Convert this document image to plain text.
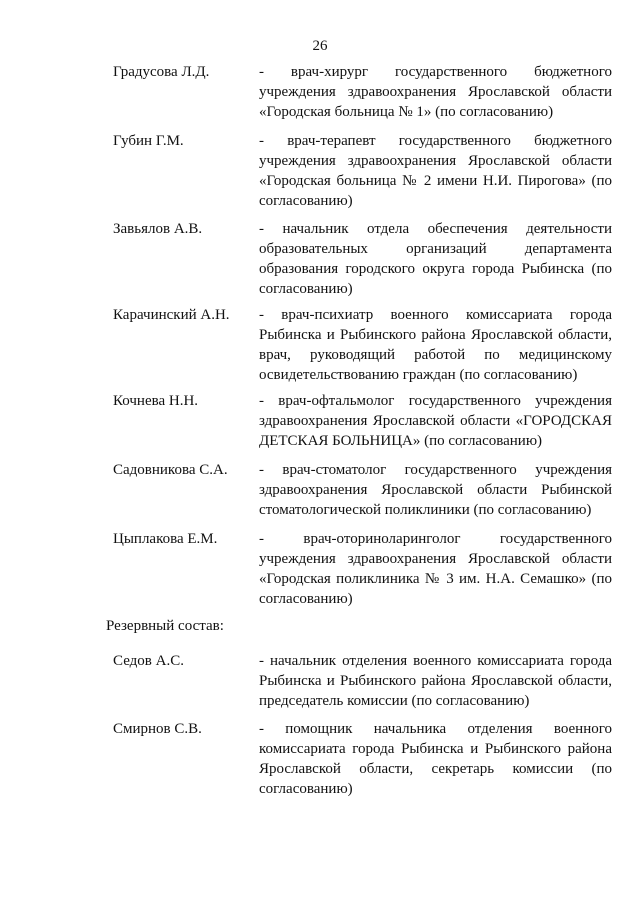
26
Градусова Л.Д.	- врач-хирург государственного бюджетного учреждения здравоохранения Ярославской области «Городская больница № 1» (по согласованию)
Губин Г.М.	- врач-терапевт государственного бюджетного учреждения здравоохранения Ярославской области «Городская больница № 2 имени Н.И. Пирогова» (по согласованию)
Завьялов А.В.	- начальник отдела обеспечения деятельности образовательных организаций департамента образования городского округа города Рыбинска (по согласованию)
Карачинский А.Н. - врач-психиатр военного комиссариата города Рыбинска и Рыбинского района Ярославской области, врач, руководящий работой по медицинскому освидетельствованию граждан (по согласованию)
Кочнева Н.Н.	- врач-офтальмолог государственного учреждения здравоохранения Ярославской области «ГОРОДСКАЯ ДЕТСКАЯ БОЛЬНИЦА» (по согласованию)
Садовникова С.А. - врач-стоматолог государственного учреждения здравоохранения Ярославской области Рыбинской стоматологической поликлиники (по согласованию)
Цыплакова Е.М.	- врач-оториноларинголог государственного учреждения здравоохранения Ярославской области «Городская поликлиника № 3 им. Н.А. Семашко» (по согласованию)
Резервный состав:
Седов А.С.	- начальник отделения военного комиссариата города Рыбинска и Рыбинского района Ярославской области, председатель комиссии (по согласованию)
Смирнов С.В.	- помощник начальника отделения военного комиссариата города Рыбинска и Рыбинского района Ярославской области, секретарь комиссии (по согласованию)
